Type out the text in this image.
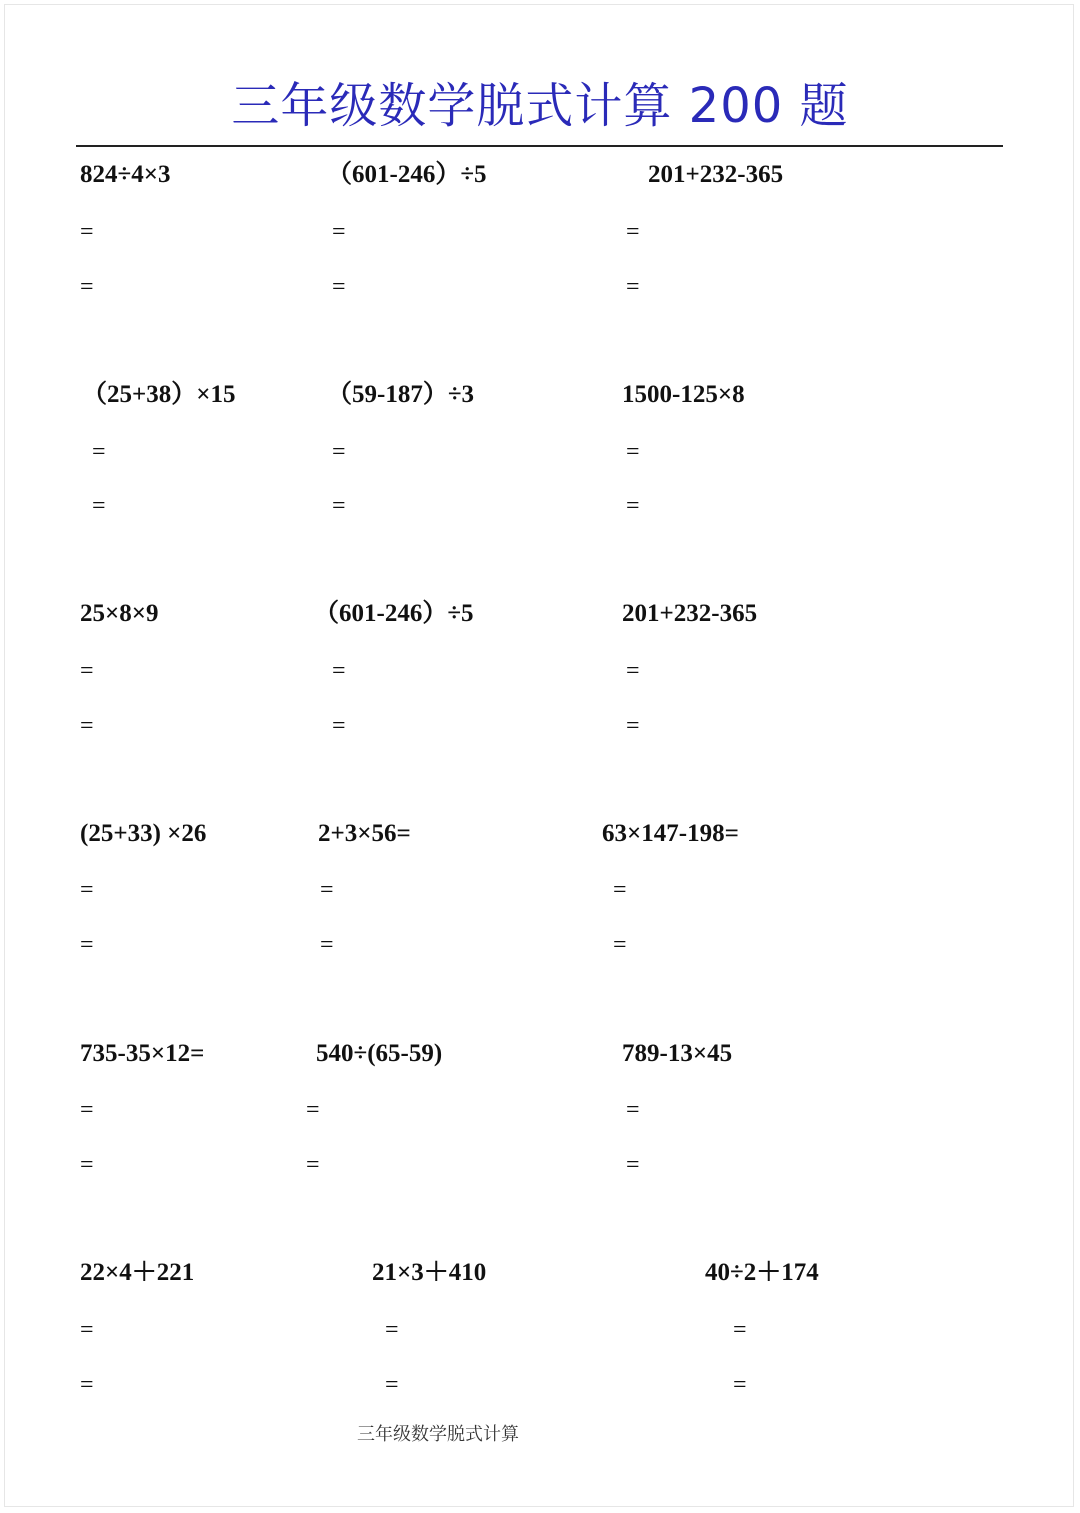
三年级数学脱式计算 200 题
824÷4×3
=
=
（601-246）÷5
=
=
201+232-365
=
=
（25+38）×15
=
=
（59-187）÷3
=
=
1500-125×8
=
=
25×8×9
=
=
（601-246）÷5
=
=
201+232-365
=
=
(25+33) ×26
=
=
2+3×56=
=
=
63×147-198=
=
=
735-35×12=
=
=
540÷(65-59)
=
=
789-13×45
=
=
22×4＋221
=
=
21×3＋410
=
=
40÷2＋174
=
=
三年级数学脱式计算
